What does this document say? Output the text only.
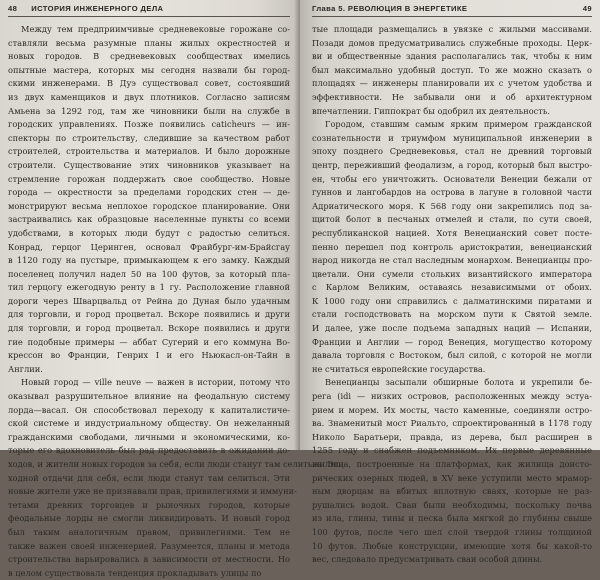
48 ИСТОРИЯ ИНЖЕНЕРНОГО ДЕЛА
Между тем предприимчивые средневековые горожане со-
ставляли весьма разумные планы жилых окрестностей и
новых городов. В средневековых сообществах имелись
опытные мастера, которых мы сегодня назвали бы город-
скими инженерами. В Дуэ существовал совет, состоявший
из двух каменщиков и двух плотников. Согласно записям
Амьена за 1292 год, там же чиновники были на службе в
городских управлениях. Позже появились caticheurs — ин-
спекторы по строительству, следившие за качеством работ
строителей, строительства и материалов. И было дорожные
строители. Существование этих чиновников указывает на
стремление горожан поддержать свое сообщество. Новые
города — окрестности за пределами городских стен — де-
монстрируют весьма неплохое городское планирование. Они
застраивались как образцовые населенные пункты со всеми
удобствами, в которых люди будут с радостью селиться.
Конрад, герцог Церинген, основал Фрайбург-им-Брайсгау
в 1120 году на пустыре, примыкающем к его замку. Каждый
поселенец получил надел 50 на 100 футов, за который пла-
тил герцогу ежегодную ренту в 1 гу. Расположение главной
дороги через Шварцвальд от Рейна до Дуная было удачным
для торговли, и город процветал. Вскоре появились и други
для торговли, и город процветал. Вскоре появились и други
гие подобные примеры — аббат Сугерий и его коммуна Во-
крессон во Франции, Генрих I и его Ньюкасл-он-Тайн в
Англии.
Новый город — ville neuve — важен в истории, потому что
оказывал разрушительное влияние на феодальную систему
лорда—васал. Он способствовал переходу к капиталистиче-
ской системе и индустриальному обществу. Он нежеланный
гражданскими свободами, личными и экономическими, ко-
торые его вдохновитель был рад предоставить в ожидании до-
ходов, и жители новых городов за себя, если люди станут там селиться. Эти
ходной отдачи для себя, если люди станут там селиться. Эти
новые жители уже не признавали прав, привилегиями и иммуни-
тетами древних торговцев и рыночных городов, которые
феодальные лорды не смогли ликвидировать. И новый город
был таким аналогичным правом, привилегиями. Тем не
также важен своей инженерией. Разумеется, планы и метода
строительства варьировались в зависимости от местности. Но
в целом существовала тенденция прокладывать улицы по
Глава 5. РЕВОЛЮЦИЯ В ЭНЕРГЕТИКЕ	49
тые площади размещались в увязке с жилыми массивами.
Позади домов предусматривались служебные проходы. Церк-
ви и общественные здания располагались так, чтобы к ним
был максимально удобный доступ. То же можно сказать о
площадях — инженеры планировали их с учетом удобства и
эффективности. Не забывали они и об архитектурном
впечатлении. Гиппократ бы одобрил их деятельность.
Городом, ставшим самым ярким примером гражданской
сознательности и триумфом муниципальной инженерии в
эпоху позднего Средневековья, стал не древний торговый
центр, переживший феодализм, а город, который был выстро-
ен, чтобы его уничтожить. Основатели Венеции бежали от
гуннов и лангобардов на острова в лагуне в головной части
Адриатического моря. К 568 году они закрепились под за-
щитой болот в песчаных отмелей и стали, по сути своей,
республиканской нацией. Хотя Венецианский совет посте-
пенно перешел под контроль аристократии, венецианский
народ никогда не стал наследным монархом. Венецианцы про-
цветали. Они сумели стольких византийского императора
с Карлом Великим, оставаясь независимыми от обоих.
К 1000 году они справились с далматинскими пиратами и
стали господствовать на морском пути к Святой земле.
И далее, уже после подъема западных наций — Испании,
Франции и Англии — город Венеция, могущество которому
давала торговля с Востоком, был силой, с которой не могли
не считаться европейские государства.
Венецианцы засыпали обширные болота и укрепили бе-
рега (idi — низких островов, расположенных между эстуа-
рием и морем. Их мосты, часто каменные, соединяли остро-
ва. Знаменитый мост Риальто, спроектированный в 1178 году
Николо Баратьери, правда, из дерева, был расширен в
1255 году и снабжен подъемником. Их первые деревянные
жилища, построенные на платформах, как жилища доисто-
рических озерных людей, в XV веке уступили место мрамор-
ным дворцам на вбитых вплотную сваях, которые не раз-
рушались водой. Сваи были необходимы, поскольку почва
из ила, глины, тины и песка была мягкой до глубины свыше
100 футов, после чего шел слой твердой глины толщиной
10 футов. Любые конструкции, имеющие хотя бы какой-то
вес, следовало предусматривать сваи особой длины.
